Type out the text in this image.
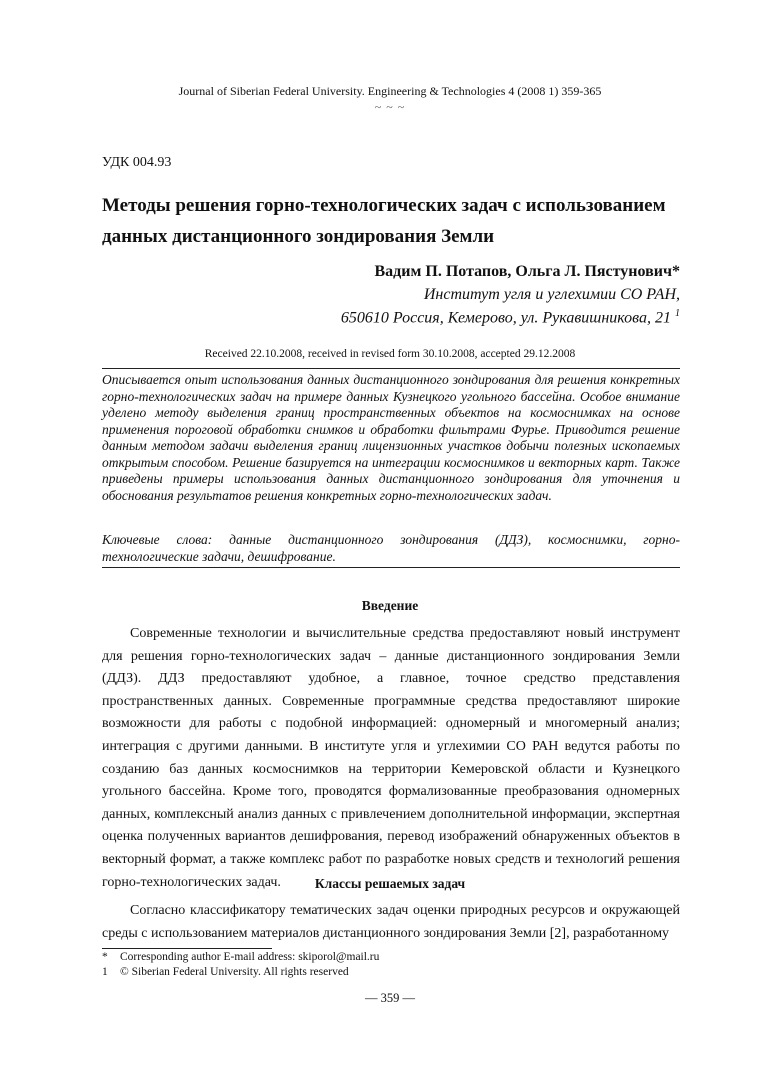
Journal of Siberian Federal University. Engineering & Technologies 4 (2008 1) 359-365
~ ~ ~
УДК 004.93
Методы решения горно-технологических задач с использованием данных дистанционного зондирования Земли
Вадим П. Потапов, Ольга Л. Пястунович*
Институт угля и углехимии СО РАН,
650610 Россия, Кемерово, ул. Рукавишникова, 21 $^1$
Received 22.10.2008, received in revised form 30.10.2008, accepted 29.12.2008
Описывается опыт использования данных дистанционного зондирования для решения конкретных горно-технологических задач на примере данных Кузнецкого угольного бассейна. Особое внимание уделено методу выделения границ пространственных объектов на космоснимках на основе применения пороговой обработки снимков и обработки фильтрами Фурье. Приводится решение данным методом задачи выделения границ лицензионных участков добычи полезных ископаемых открытым способом. Решение базируется на интеграции космоснимков и векторных карт. Также приведены примеры использования данных дистанционного зондирования для уточнения и обоснования результатов решения конкретных горно-технологических задач.
Ключевые слова: данные дистанционного зондирования (ДДЗ), космоснимки, горно-технологические задачи, дешифрование.
Введение
Современные технологии и вычислительные средства предоставляют новый инструмент для решения горно-технологических задач – данные дистанционного зондирования Земли (ДДЗ). ДДЗ предоставляют удобное, а главное, точное средство представления пространственных данных. Современные программные средства предоставляют широкие возможности для работы с подобной информацией: одномерный и многомерный анализ; интеграция с другими данными. В институте угля и углехимии СО РАН ведутся работы по созданию баз данных космоснимков на территории Кемеровской области и Кузнецкого угольного бассейна. Кроме того, проводятся формализованные преобразования одномерных данных, комплексный анализ данных с привлечением дополнительной информации, экспертная оценка полученных вариантов дешифрования, перевод изображений обнаруженных объектов в векторный формат, а также комплекс работ по разработке новых средств и технологий решения горно-технологических задач.	Классы решаемых задач
Согласно классификатору тематических задач оценки природных ресурсов и окружающей среды с использованием материалов дистанционного зондирования Земли [2], разработанному
* Corresponding author E-mail address: skiporol@mail.ru
1 © Siberian Federal University. All rights reserved
— 359 —
